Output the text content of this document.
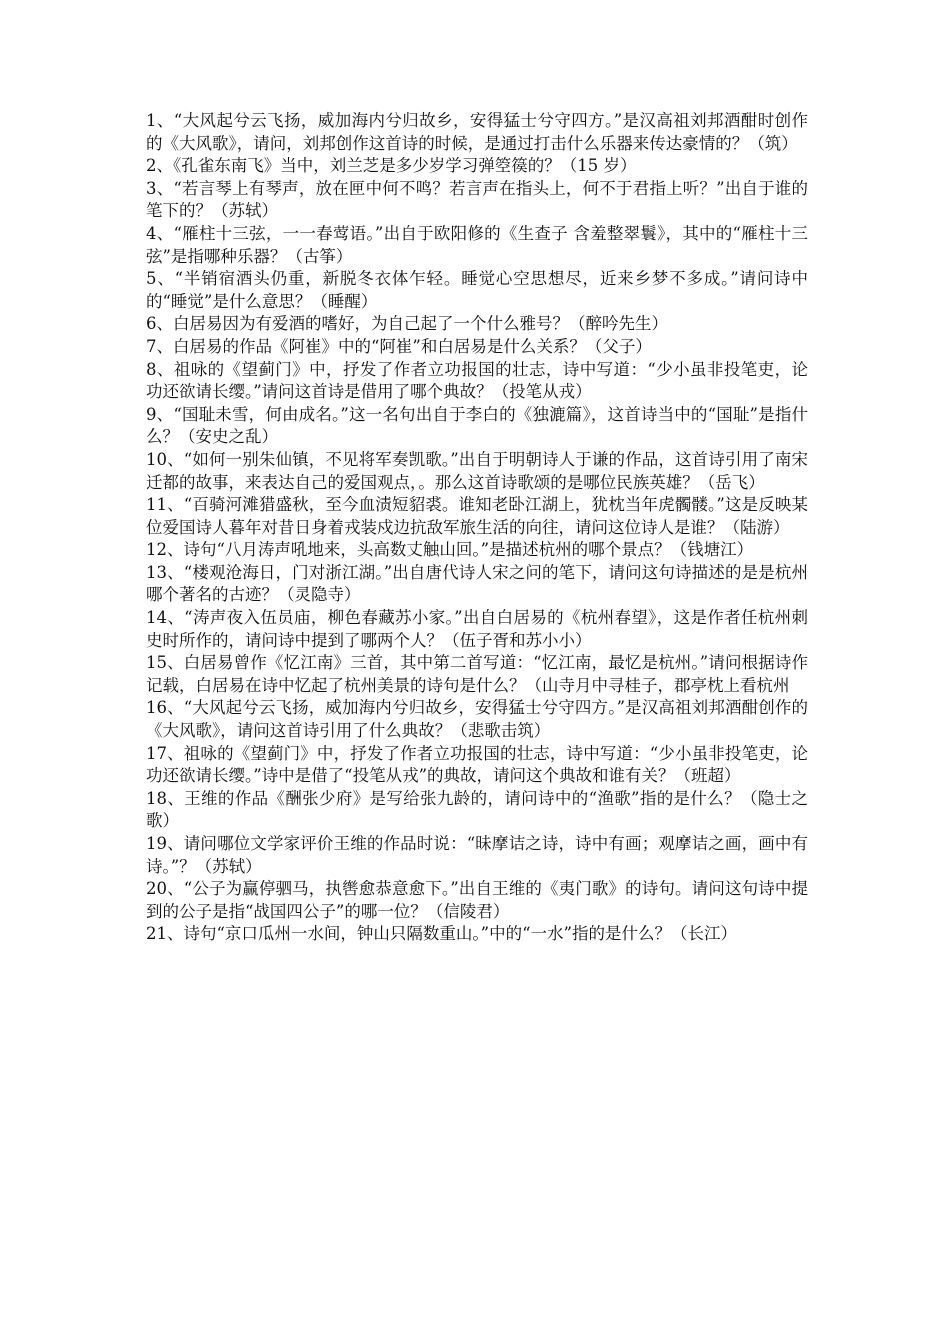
1、“大风起兮云飞扬，威加海内兮归故乡，安得猛士兮守四方。”是汉高祖刘邦酒酣时创作的《大风歌》，请问，刘邦创作这首诗的时候，是通过打击什么乐器来传达豪情的？（筑）

2、《孔雀东南飞》当中，刘兰芝是多少岁学习弹箜篌的？（15 岁）

3、“若言琴上有琴声，放在匣中何不鸣？若言声在指头上，何不于君指上听？”出自于谁的笔下的？（苏轼）

4、“雁柱十三弦，一一春莺语。”出自于欧阳修的《生查子 含羞整翠鬟》，其中的“雁柱十三弦”是指哪种乐器？（古筝）

5、“半销宿酒头仍重，新脱冬衣体乍轻。睡觉心空思想尽，近来乡梦不多成。”请问诗中的“睡觉”是什么意思？（睡醒）

6、白居易因为有爱酒的嗜好，为自己起了一个什么雅号？（醉吟先生）

7、白居易的作品《阿崔》中的“阿崔”和白居易是什么关系？（父子）

8、祖咏的《望蓟门》中，抒发了作者立功报国的壮志，诗中写道：“少小虽非投笔吏，论功还欲请长缨。”请问这首诗是借用了哪个典故？（投笔从戎）

9、“国耻未雪，何由成名。”这一名句出自于李白的《独漉篇》，这首诗当中的“国耻”是指什么？（安史之乱）

10、“如何一别朱仙镇，不见将军奏凯歌。”出自于明朝诗人于谦的作品，这首诗引用了南宋迁都的故事，来表达自己的爱国观点，。那么这首诗歌颂的是哪位民族英雄？（岳飞）

11、“百骑河滩猎盛秋，至今血渍短貂裘。谁知老卧江湖上，犹枕当年虎髑髅。”这是反映某位爱国诗人暮年对昔日身着戎装戍边抗敌军旅生活的向往，请问这位诗人是谁？（陆游）

12、诗句“八月涛声吼地来，头高数丈触山回。”是描述杭州的哪个景点？（钱塘江）

13、“楼观沧海日，门对浙江湖。”出自唐代诗人宋之问的笔下，请问这句诗描述的是是杭州哪个著名的古迹？（灵隐寺）

14、“涛声夜入伍员庙，柳色春藏苏小家。”出自白居易的《杭州春望》，这是作者任杭州刺史时所作的，请问诗中提到了哪两个人？（伍子胥和苏小小）

15、白居易曾作《忆江南》三首，其中第二首写道：“忆江南，最忆是杭州。”请问根据诗作记载，白居易在诗中忆起了杭州美景的诗句是什么？（山寺月中寻桂子，郡亭枕上看杭州

16、“大风起兮云飞扬，威加海内兮归故乡，安得猛士兮守四方。”是汉高祖刘邦酒酣创作的《大风歌》，请问这首诗引用了什么典故？（悲歌击筑）

17、祖咏的《望蓟门》中，抒发了作者立功报国的壮志，诗中写道：“少小虽非投笔吏，论功还欲请长缨。”诗中是借了“投笔从戎”的典故，请问这个典故和谁有关？（班超）

18、王维的作品《酬张少府》是写给张九龄的，请问诗中的“渔歌”指的是什么？（隐士之歌）

19、请问哪位文学家评价王维的作品时说：“昧摩诘之诗，诗中有画；观摩诘之画，画中有诗。”？（苏轼）

20、“公子为赢停驷马，执辔愈恭意愈下。”出自王维的《夷门歌》的诗句。请问这句诗中提到的公子是指“战国四公子”的哪一位？（信陵君）

21、诗句“京口瓜州一水间，钟山只隔数重山。”中的“一水”指的是什么？（长江）
